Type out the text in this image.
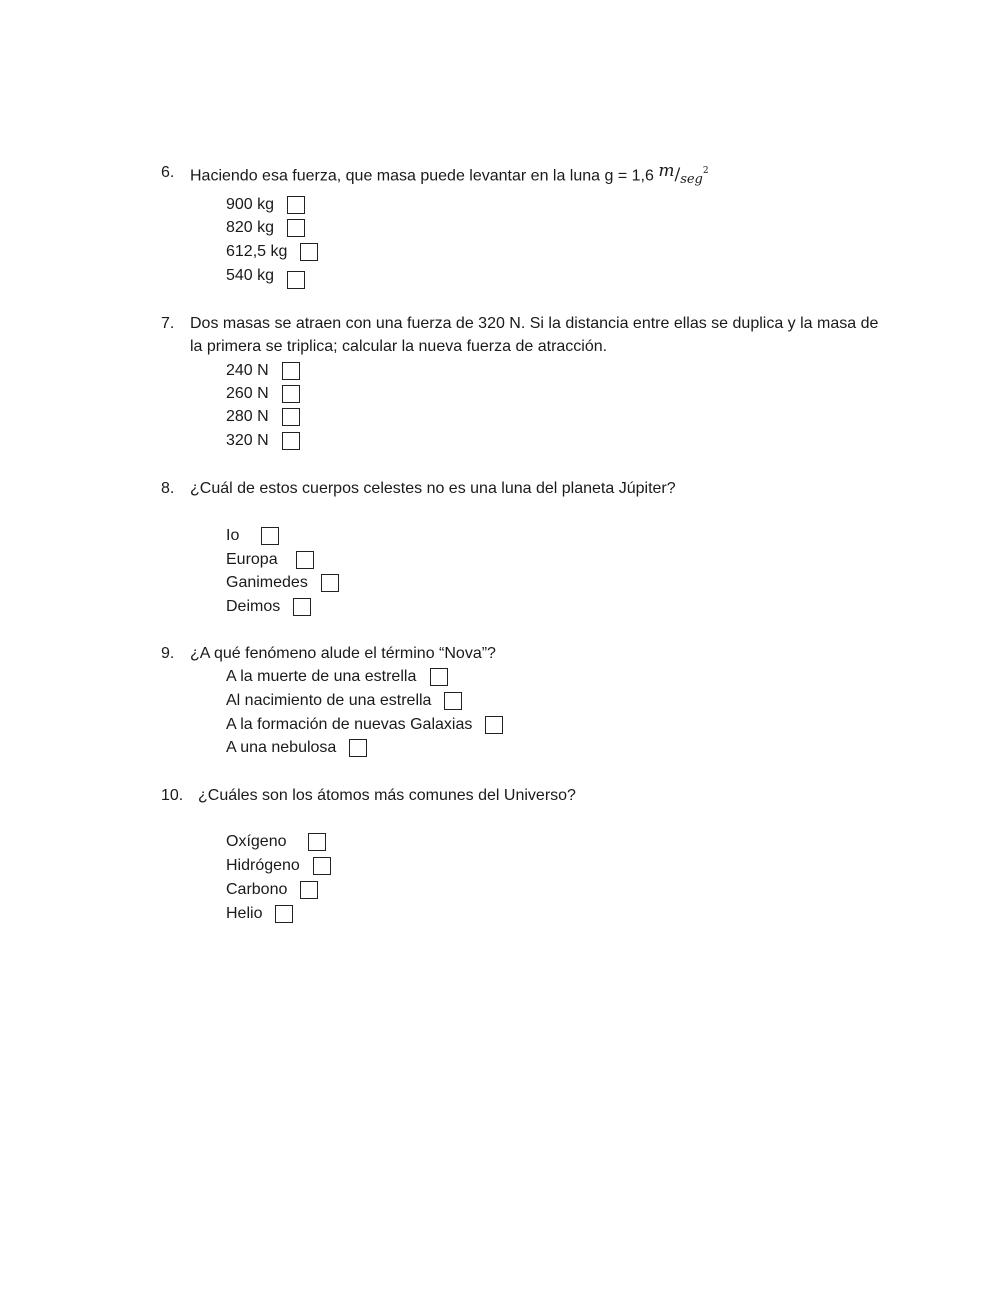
6. Haciendo esa fuerza, que masa puede levantar en la luna g = 1,6 m/seg$^2$
900 kg
820 kg
612,5 kg
540 kg
7. Dos masas se atraen con una fuerza de 320 N. Si la distancia entre ellas se duplica y la masa de la primera se triplica; calcular la nueva fuerza de atracción.
240 N
260 N
280 N
320 N
8. ¿Cuál de estos cuerpos celestes no es una luna del planeta Júpiter?
Io
Europa
Ganimedes
Deimos
9. ¿A qué fenómeno alude el término “Nova”?
A la muerte de una estrella
Al nacimiento de una estrella
A la formación de nuevas Galaxias
A una nebulosa
10. ¿Cuáles son los átomos más comunes del Universo?
Oxígeno
Hidrógeno
Carbono
Helio
